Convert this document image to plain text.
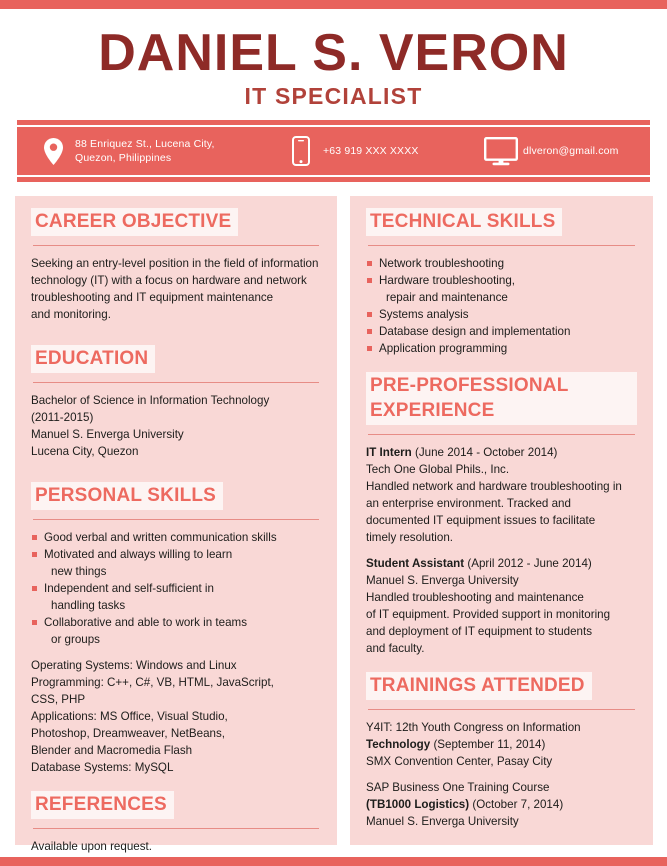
DANIEL S. VERON
IT SPECIALIST
88 Enriquez St., Lucena City,
Quezon, Philippines
+63 919 XXX XXXX	dlveron@gmail.com
CAREER OBJECTIVE
Seeking an entry-level position in the field of information
technology (IT) with a focus on hardware and network
troubleshooting and IT equipment maintenance
and monitoring.
EDUCATION
Bachelor of Science in Information Technology
(2011-2015)
Manuel S. Enverga University
Lucena City, Quezon
PERSONAL SKILLS
Good verbal and written communication skills
Motivated and always willing to learn
new things
Independent and self-sufficient in
handling tasks
Collaborative and able to work in teams
or groups
Operating Systems: Windows and Linux
Programming: C++, C#, VB, HTML, JavaScript,
CSS, PHP
Applications: MS Office, Visual Studio,
Photoshop, Dreamweaver, NetBeans,
Blender and Macromedia Flash
Database Systems: MySQL
REFERENCES
Available upon request.
TECHNICAL SKILLS
Network troubleshooting
Hardware troubleshooting,
repair and maintenance
Systems analysis
Database design and implementation
Application programming
PRE-PROFESSIONAL
EXPERIENCE
IT Intern (June 2014 - October 2014)
Tech One Global Phils., Inc.
Handled network and hardware troubleshooting in
an enterprise environment. Tracked and
documented IT equipment issues to facilitate
timely resolution.
Student Assistant (April 2012 - June 2014)
Manuel S. Enverga University
Handled troubleshooting and maintenance
of IT equipment. Provided support in monitoring
and deployment of IT equipment to students
and faculty.
TRAININGS ATTENDED
Y4IT: 12th Youth Congress on Information
Technology (September 11, 2014)
SMX Convention Center, Pasay City
SAP Business One Training Course
(TB1000 Logistics) (October 7, 2014)
Manuel S. Enverga University
